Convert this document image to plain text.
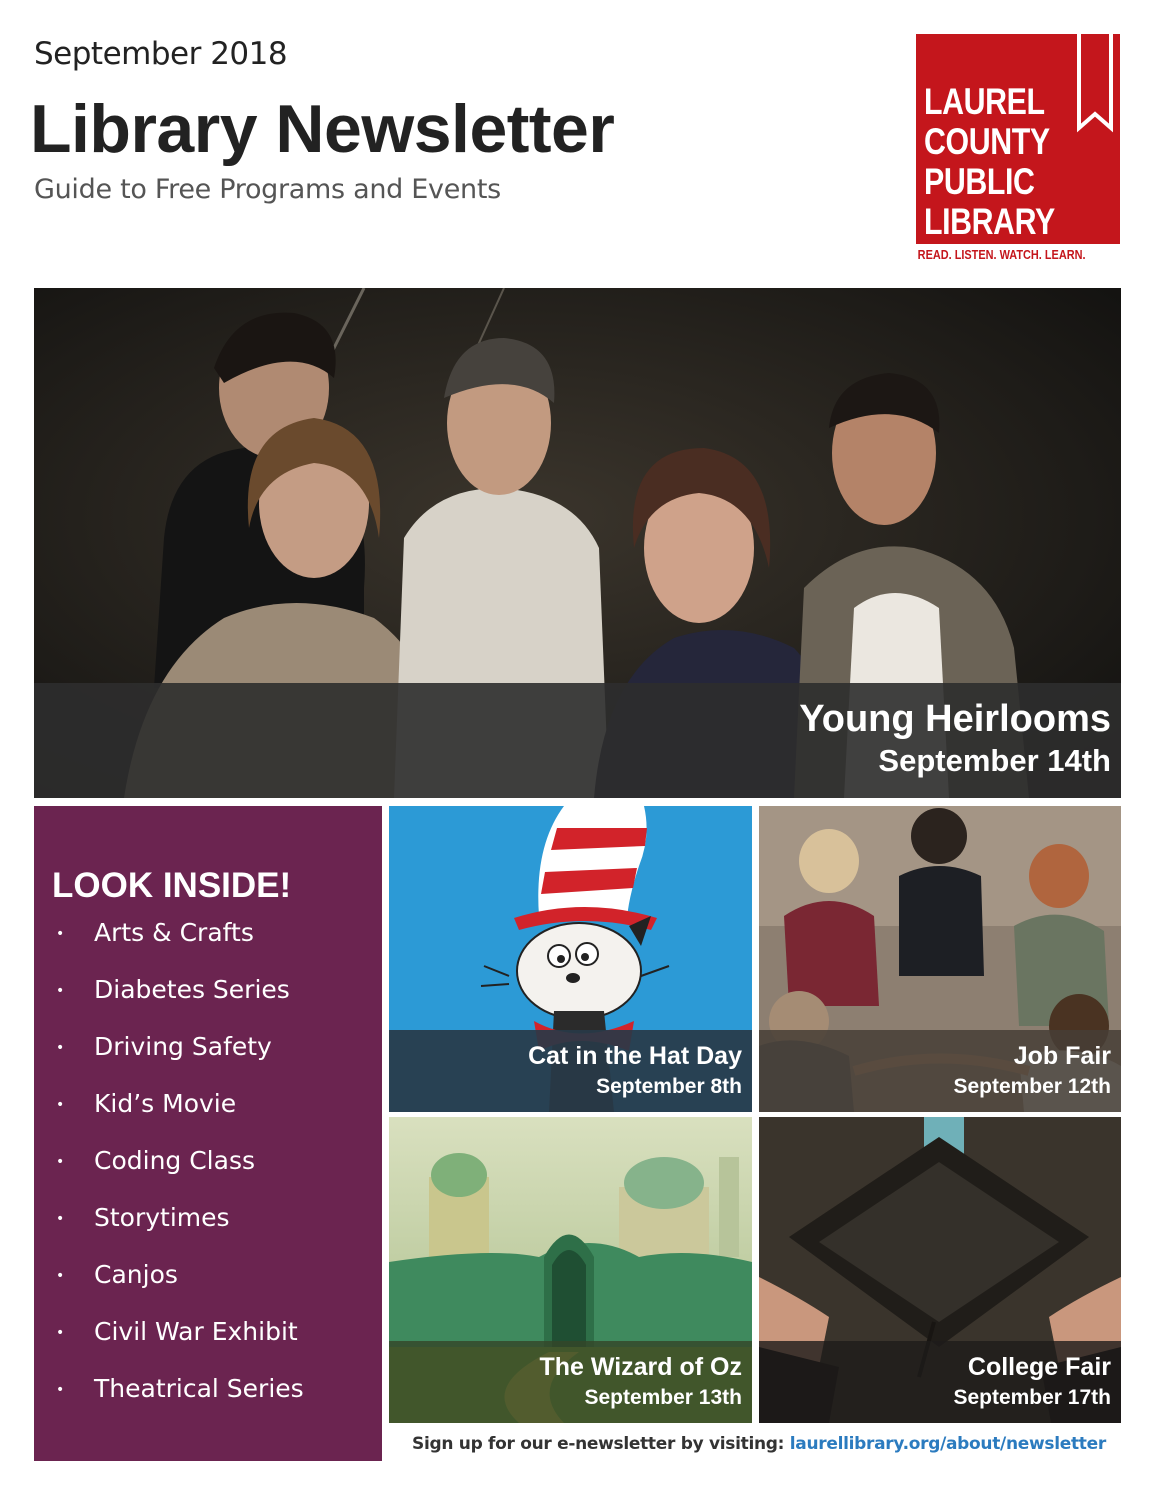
September 2018
Library Newsletter
Guide to Free Programs and Events
LAUREL
COUNTY
PUBLIC
LIBRARY
READ. LISTEN. WATCH. LEARN.
Young Heirlooms
September 14th
LOOK INSIDE!
• Arts & Crafts
• Diabetes Series
• Driving Safety
• Kid’s Movie
• Coding Class
• Storytimes
• Canjos
• Civil War Exhibit
• Theatrical Series
Cat in the Hat Day
September 8th
Job Fair
September 12th
The Wizard of Oz
September 13th
College Fair
September 17th
Sign up for our e-newsletter by visiting: laurellibrary.org/about/newsletter
